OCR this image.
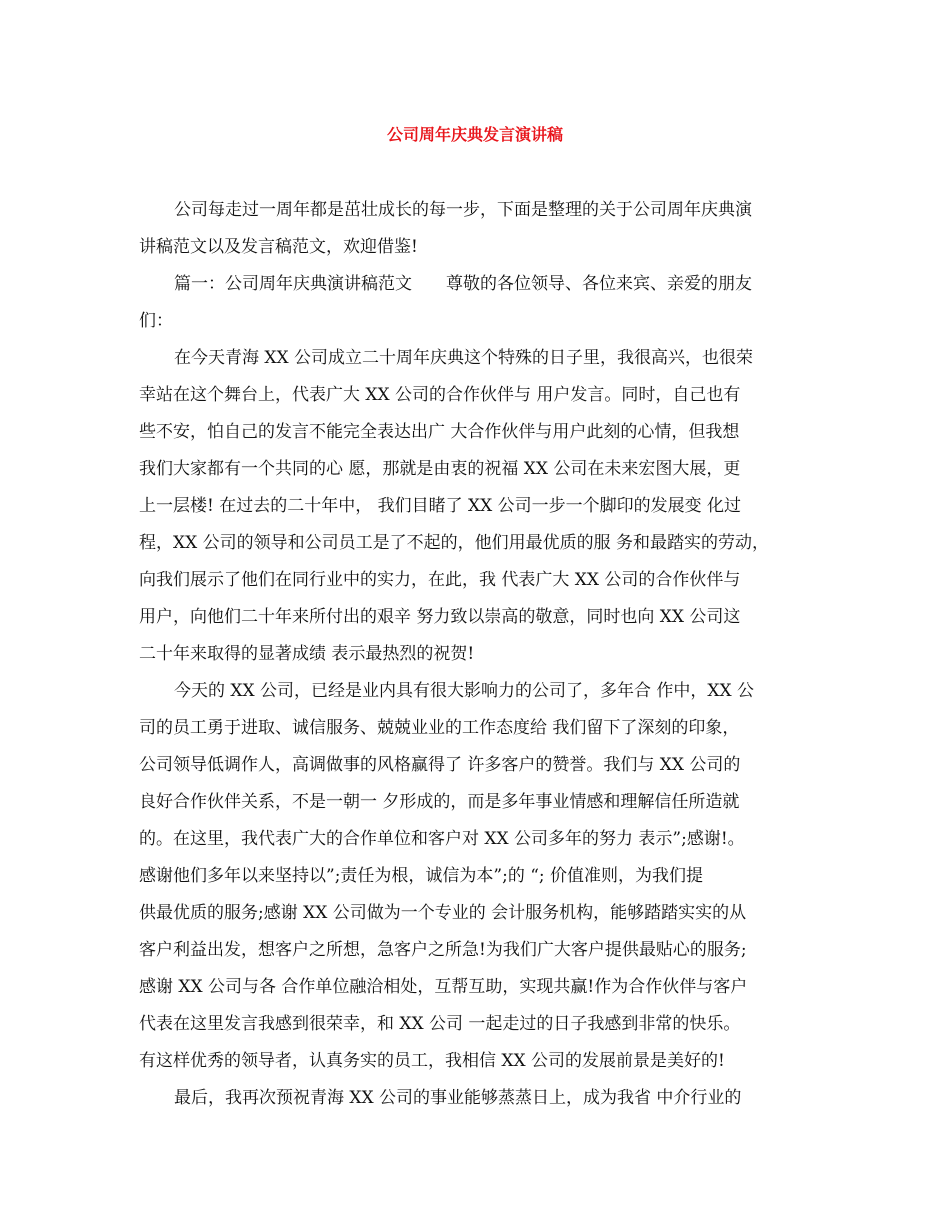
公司周年庆典发言演讲稿
公司每走过一周年都是茁壮成长的每一步，下面是整理的关于公司周年庆典演
讲稿范文以及发言稿范文，欢迎借鉴!
篇一：公司周年庆典演讲稿范文　　尊敬的各位领导、各位来宾、亲爱的朋友
们：
在今天青海 XX 公司成立二十周年庆典这个特殊的日子里，我很高兴，也很荣
幸站在这个舞台上，代表广大 XX 公司的合作伙伴与 用户发言。同时，自己也有
些不安，怕自己的发言不能完全表达出广 大合作伙伴与用户此刻的心情，但我想
我们大家都有一个共同的心 愿，那就是由衷的祝福 XX 公司在未来宏图大展，更
上一层楼! 在过去的二十年中， 我们目睹了 XX 公司一步一个脚印的发展变 化过
程，XX 公司的领导和公司员工是了不起的，他们用最优质的服 务和最踏实的劳动，
向我们展示了他们在同行业中的实力，在此，我 代表广大 XX 公司的合作伙伴与
用户，向他们二十年来所付出的艰辛 努力致以崇高的敬意，同时也向 XX 公司这
二十年来取得的显著成绩 表示最热烈的祝贺!
今天的 XX 公司，已经是业内具有很大影响力的公司了，多年合 作中，XX 公
司的员工勇于进取、诚信服务、兢兢业业的工作态度给 我们留下了深刻的印象，
公司领导低调作人，高调做事的风格赢得了 许多客户的赞誉。我们与 XX 公司的
良好合作伙伴关系，不是一朝一 夕形成的，而是多年事业情感和理解信任所造就
的。在这里，我代表广大的合作单位和客户对 XX 公司多年的努力 表示”;感谢!。
感谢他们多年以来坚持以”;责任为根，诚信为本”;的 “; 价值准则，为我们提
供最优质的服务;感谢 XX 公司做为一个专业的 会计服务机构，能够踏踏实实的从
客户利益出发，想客户之所想，急客户之所急!为我们广大客户提供最贴心的服务;
感谢 XX 公司与各 合作单位融洽相处，互帮互助，实现共赢!作为合作伙伴与客户
代表在这里发言我感到很荣幸，和 XX 公司 一起走过的日子我感到非常的快乐。
有这样优秀的领导者，认真务实的员工，我相信 XX 公司的发展前景是美好的!
最后，我再次预祝青海 XX 公司的事业能够蒸蒸日上，成为我省 中介行业的
